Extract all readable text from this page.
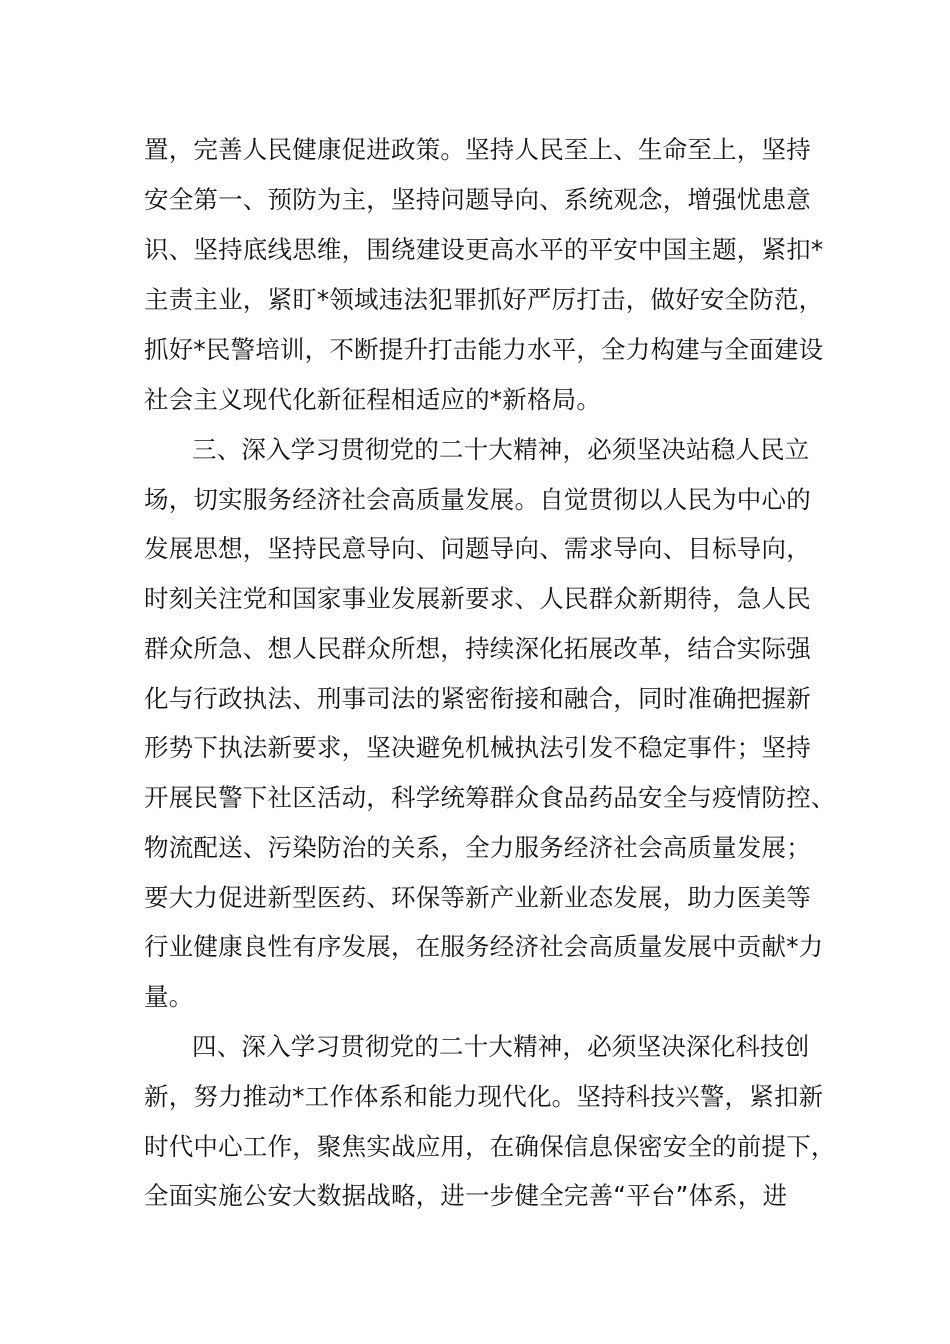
置，完善人民健康促进政策。坚持人民至上、生命至上，坚持
安全第一、预防为主，坚持问题导向、系统观念，增强忧患意
识、坚持底线思维，围绕建设更高水平的平安中国主题，紧扣*
主责主业，紧盯*领域违法犯罪抓好严厉打击，做好安全防范，
抓好*民警培训，不断提升打击能力水平，全力构建与全面建设
社会主义现代化新征程相适应的*新格局。
三、深入学习贯彻党的二十大精神，必须坚决站稳人民立
场，切实服务经济社会高质量发展。自觉贯彻以人民为中心的
发展思想，坚持民意导向、问题导向、需求导向、目标导向，
时刻关注党和国家事业发展新要求、人民群众新期待，急人民
群众所急、想人民群众所想，持续深化拓展改革，结合实际强
化与行政执法、刑事司法的紧密衔接和融合，同时准确把握新
形势下执法新要求，坚决避免机械执法引发不稳定事件；坚持
开展民警下社区活动，科学统筹群众食品药品安全与疫情防控、
物流配送、污染防治的关系，全力服务经济社会高质量发展；
要大力促进新型医药、环保等新产业新业态发展，助力医美等
行业健康良性有序发展，在服务经济社会高质量发展中贡献*力
量。
四、深入学习贯彻党的二十大精神，必须坚决深化科技创
新，努力推动*工作体系和能力现代化。坚持科技兴警，紧扣新
时代中心工作，聚焦实战应用，在确保信息保密安全的前提下，
全面实施公安大数据战略，进一步健全完善“平台”体系，进
